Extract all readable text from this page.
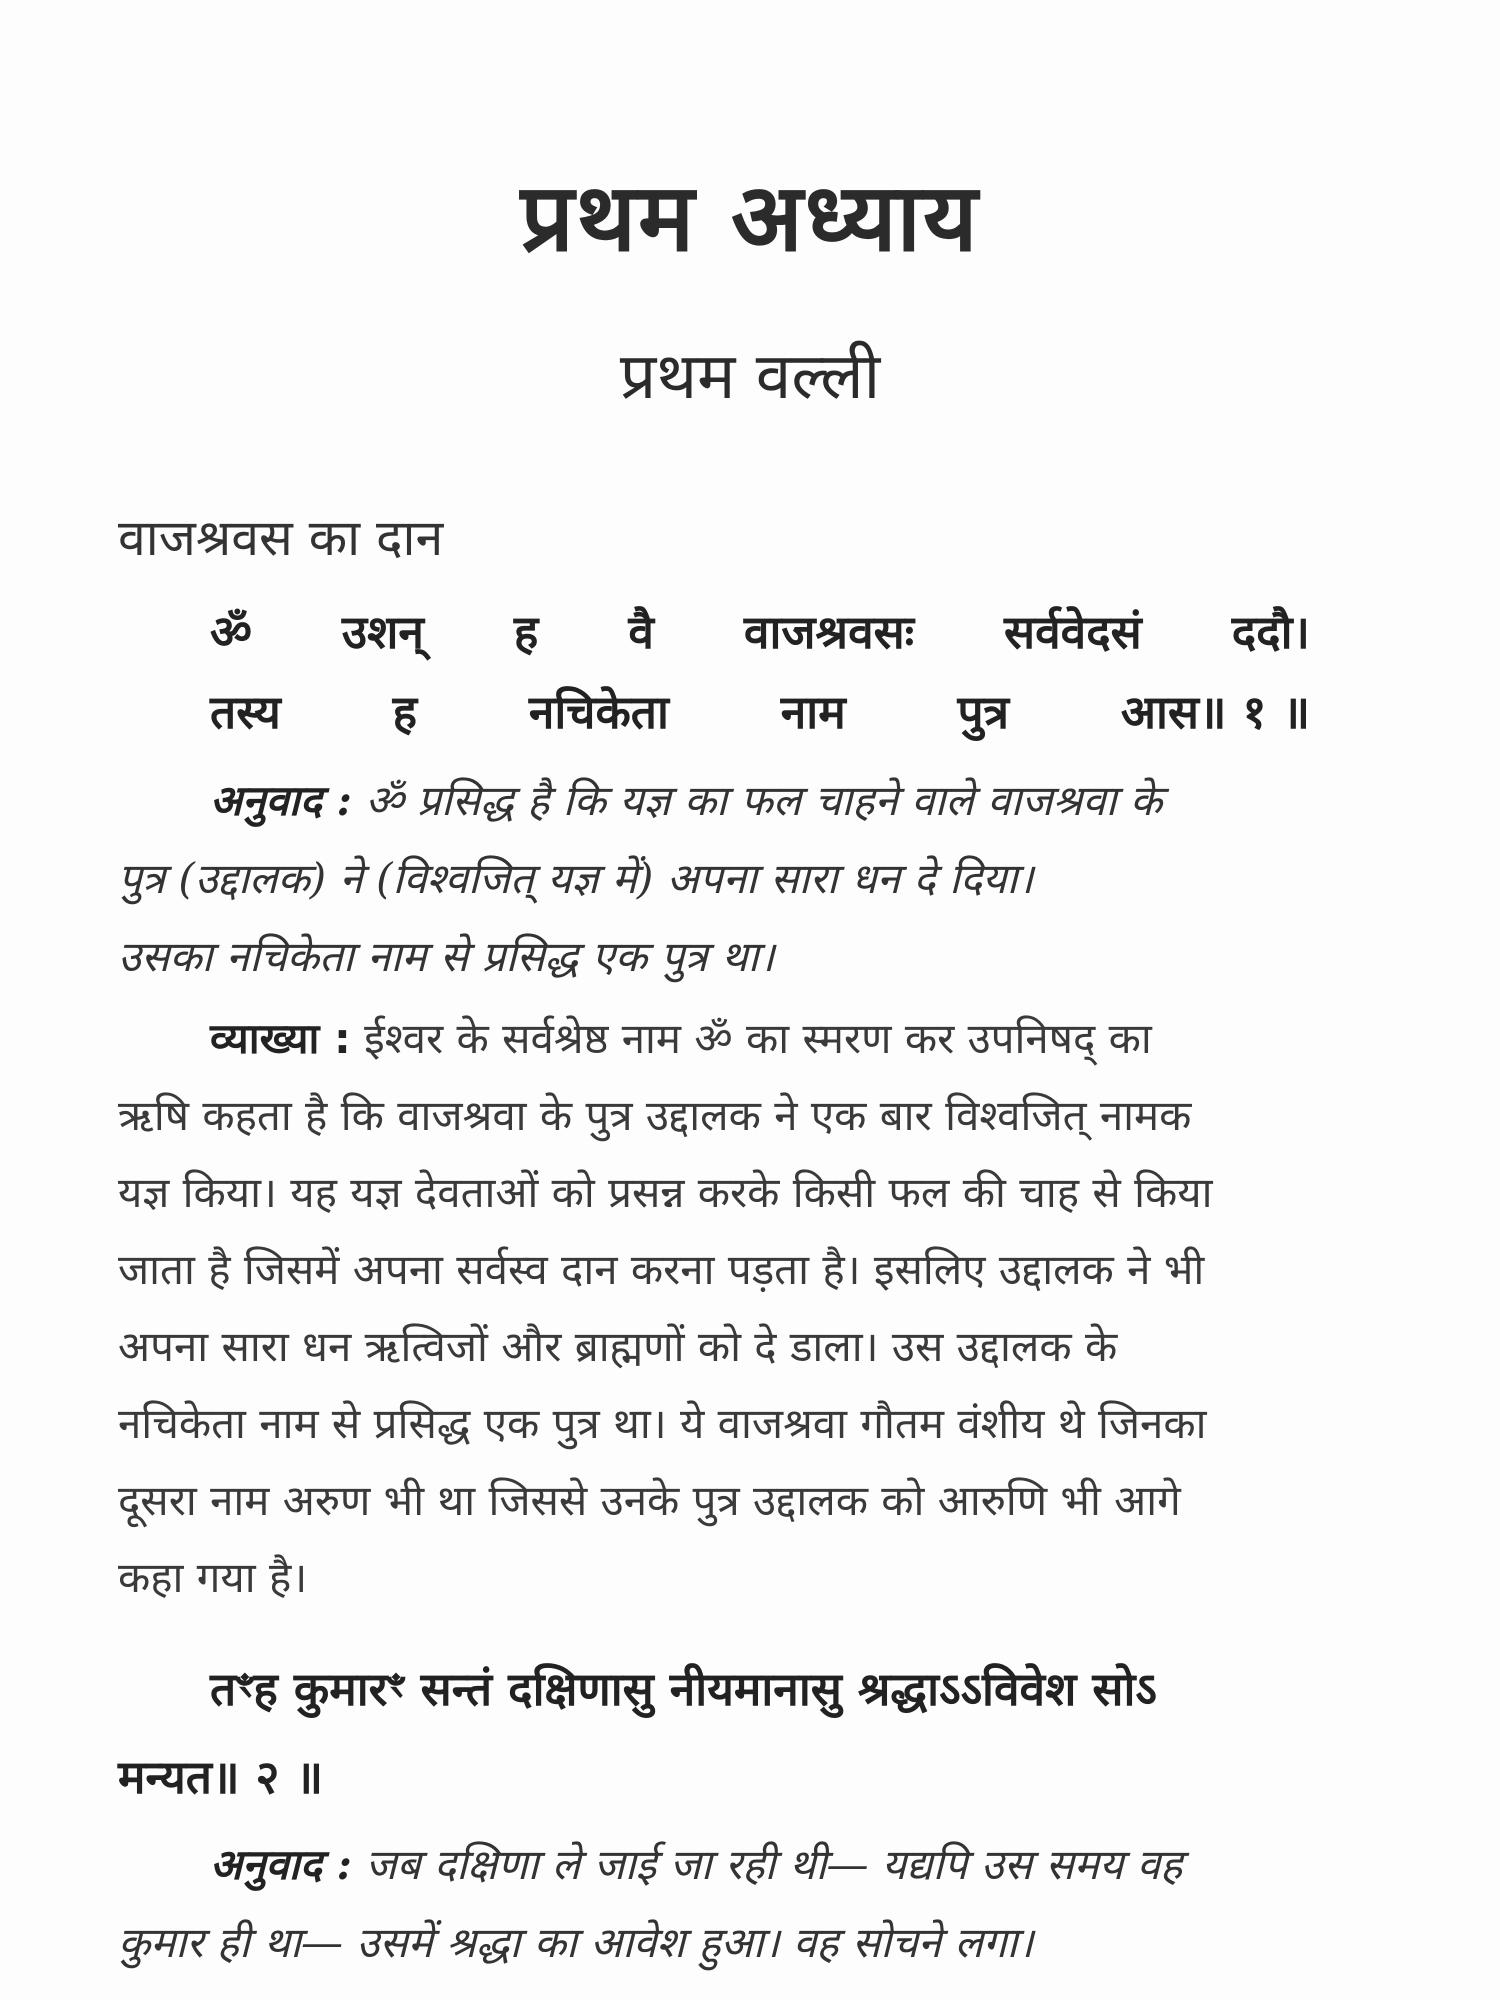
प्रथम अध्याय
प्रथम वल्ली
वाजश्रवस का दान
ॐ उशन् ह वै वाजश्रवसः सर्ववेदसं ददौ।
तस्य ह नचिकेता नाम पुत्र आस॥ १ ॥
अनुवाद : ॐ प्रसिद्ध है कि यज्ञ का फल चाहने वाले वाजश्रवा के
पुत्र (उद्दालक) ने (विश्वजित् यज्ञ में) अपना सारा धन दे दिया।
उसका नचिकेता नाम से प्रसिद्ध एक पुत्र था।
व्याख्या : ईश्वर के सर्वश्रेष्ठ नाम ॐ का स्मरण कर उपनिषद् का
ऋषि कहता है कि वाजश्रवा के पुत्र उद्दालक ने एक बार विश्वजित् नामक
यज्ञ किया। यह यज्ञ देवताओं को प्रसन्न करके किसी फल की चाह से किया
जाता है जिसमें अपना सर्वस्व दान करना पड़ता है। इसलिए उद्दालक ने भी
अपना सारा धन ऋत्विजों और ब्राह्मणों को दे डाला। उस उद्दालक के
नचिकेता नाम से प्रसिद्ध एक पुत्र था। ये वाजश्रवा गौतम वंशीय थे जिनका
दूसरा नाम अरुण भी था जिससे उनके पुत्र उद्दालक को आरुणि भी आगे
कहा गया है।
तꣳह कुमारꣳ सन्तं दक्षिणासु नीयमानासु श्रद्धाऽऽविवेश सोऽ
मन्यत॥ २ ॥
अनुवाद : जब दक्षिणा ले जाई जा रही थी— यद्यपि उस समय वह
कुमार ही था— उसमें श्रद्धा का आवेश हुआ। वह सोचने लगा।
